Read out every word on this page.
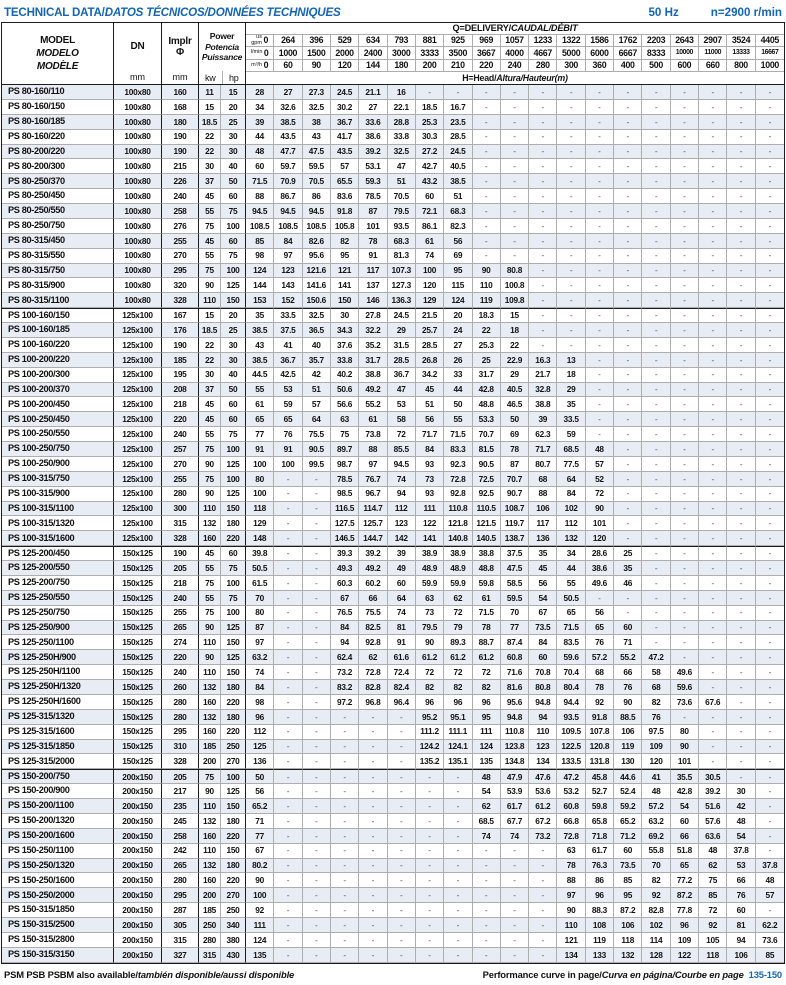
TECHNICAL DATA/DATOS TÉCNICOS/DONNÉES TECHNIQUES	50 Hz	n=2900 r/min
MODEL
MODELO
MODÈLE
DN
mm
Implr
Φ
mm
Power
Potencia
Puissance
kw	hp
Q=DELIVERY/ CAUDAL/DÉBIT
us
gpm 0 264 396 529 634 793 881 925 969 1057 1233 1322 1586 1762 2203 2643 2907 3524 4405
l/min 0 1000 1500 2000 2400 3000 3333 3500 3667 4000 4667 5000 6000 6667 8333 10000 11000 13333 16667
m³/h 0 60 90 120 144 180 200 210 220 240 280 300 360 400 500 600 660 800 1000
H=Head/ Altura/Hauteur(m)
PS 80-160/110	100x80	160	11	15	28	27	27.3	24.5	21.1	16	-	-	-	-	-	-	-	-	-	-	-	-	-
PS 80-160/150	100x80	168	15	20	34	32.6	32.5	30.2	27	22.1	18.5	16.7	-	-	-	-	-	-	-	-	-	-	-
PS 80-160/185	100x80	180	18.5	25	39	38.5	38	36.7	33.6	28.8	25.3	23.5	-	-	-	-	-	-	-	-	-	-	-
PS 80-160/220	100x80	190	22	30	44	43.5	43	41.7	38.6	33.8	30.3	28.5	-	-	-	-	-	-	-	-	-	-	-
PS 80-200/220	100x80	190	22	30	48	47.7	47.5	43.5	39.2	32.5	27.2	24.5	-	-	-	-	-	-	-	-	-	-	-
PS 80-200/300	100x80	215	30	40	60	59.7	59.5	57	53.1	47	42.7	40.5	-	-	-	-	-	-	-	-	-	-	-
PS 80-250/370	100x80	226	37	50	71.5	70.9	70.5	65.5	59.3	51	43.2	38.5	-	-	-	-	-	-	-	-	-	-	-
PS 80-250/450	100x80	240	45	60	88	86.7	86	83.6	78.5	70.5	60	51	-	-	-	-	-	-	-	-	-	-	-
PS 80-250/550	100x80	258	55	75	94.5	94.5	94.5	91.8	87	79.5	72.1	68.3	-	-	-	-	-	-	-	-	-	-	-
PS 80-250/750	100x80	276	75	100	108.5	108.5	108.5	105.8	101	93.5	86.1	82.3	-	-	-	-	-	-	-	-	-	-	-
PS 80-315/450	100x80	255	45	60	85	84	82.6	82	78	68.3	61	56	-	-	-	-	-	-	-	-	-	-	-
PS 80-315/550	100x80	270	55	75	98	97	95.6	95	91	81.3	74	69	-	-	-	-	-	-	-	-	-	-	-
PS 80-315/750	100x80	295	75	100	124	123	121.6	121	117	107.3	100	95	90	80.8	-	-	-	-	-	-	-	-	-
PS 80-315/900	100x80	320	90	125	144	143	141.6	141	137	127.3	120	115	110	100.8	-	-	-	-	-	-	-	-	-
PS 80-315/1100	100x80	328	110	150	153	152	150.6	150	146	136.3	129	124	119	109.8	-	-	-	-	-	-	-	-	-
PS 100-160/150	125x100	167	15	20	35	33.5	32.5	30	27.8	24.5	21.5	20	18.3	15	-	-	-	-	-	-	-	-	-
PS 100-160/185	125x100	176	18.5	25	38.5	37.5	36.5	34.3	32.2	29	25.7	24	22	18	-	-	-	-	-	-	-	-	-
PS 100-160/220	125x100	190	22	30	43	41	40	37.6	35.2	31.5	28.5	27	25.3	22	-	-	-	-	-	-	-	-	-
PS 100-200/220	125x100	185	22	30	38.5	36.7	35.7	33.8	31.7	28.5	26.8	26	25	22.9	16.3	13	-	-	-	-	-	-	-
PS 100-200/300	125x100	195	30	40	44.5	42.5	42	40.2	38.8	36.7	34.2	33	31.7	29	21.7	18	-	-	-	-	-	-	-
PS 100-200/370	125x100	208	37	50	55	53	51	50.6	49.2	47	45	44	42.8	40.5	32.8	29	-	-	-	-	-	-	-
PS 100-200/450	125x100	218	45	60	61	59	57	56.6	55.2	53	51	50	48.8	46.5	38.8	35	-	-	-	-	-	-	-
PS 100-250/450	125x100	220	45	60	65	65	64	63	61	58	56	55	53.3	50	39	33.5	-	-	-	-	-	-	-
PS 100-250/550	125x100	240	55	75	77	76	75.5	75	73.8	72	71.7	71.5	70.7	69	62.3	59	-	-	-	-	-	-	-
PS 100-250/750	125x100	257	75	100	91	91	90.5	89.7	88	85.5	84	83.3	81.5	78	71.7	68.5	48	-	-	-	-	-	-
PS 100-250/900	125x100	270	90	125	100	100	99.5	98.7	97	94.5	93	92.3	90.5	87	80.7	77.5	57	-	-	-	-	-	-
PS 100-315/750	125x100	255	75	100	80	-	-	78.5	76.7	74	73	72.8	72.5	70.7	68	64	52	-	-	-	-	-	-
PS 100-315/900	125x100	280	90	125	100	-	-	98.5	96.7	94	93	92.8	92.5	90.7	88	84	72	-	-	-	-	-	-
PS 100-315/1100	125x100	300	110	150	118	-	-	116.5	114.7	112	111	110.8	110.5	108.7	106	102	90	-	-	-	-	-	-
PS 100-315/1320	125x100	315	132	180	129	-	-	127.5	125.7	123	122	121.8	121.5	119.7	117	112	101	-	-	-	-	-	-
PS 100-315/1600	125x100	328	160	220	148	-	-	146.5	144.7	142	141	140.8	140.5	138.7	136	132	120	-	-	-	-	-	-
PS 125-200/450	150x125	190	45	60	39.8	-	-	39.3	39.2	39	38.9	38.9	38.8	37.5	35	34	28.6	25	-	-	-	-	-
PS 125-200/550	150x125	205	55	75	50.5	-	-	49.3	49.2	49	48.9	48.9	48.8	47.5	45	44	38.6	35	-	-	-	-	-
PS 125-200/750	150x125	218	75	100	61.5	-	-	60.3	60.2	60	59.9	59.9	59.8	58.5	56	55	49.6	46	-	-	-	-	-
PS 125-250/550	150x125	240	55	75	70	-	-	67	66	64	63	62	61	59.5	54	50.5	-	-	-	-	-	-	-
PS 125-250/750	150x125	255	75	100	80	-	-	76.5	75.5	74	73	72	71.5	70	67	65	56	-	-	-	-	-	-
PS 125-250/900	150x125	265	90	125	87	-	-	84	82.5	81	79.5	79	78	77	73.5	71.5	65	60	-	-	-	-	-
PS 125-250/1100	150x125	274	110	150	97	-	-	94	92.8	91	90	89.3	88.7	87.4	84	83.5	76	71	-	-	-	-	-
PS 125-250H/900	150x125	220	90	125	63.2	-	-	62.4	62	61.6	61.2	61.2	61.2	60.8	60	59.6	57.2	55.2	47.2	-	-	-	-
PS 125-250H/1100	150x125	240	110	150	74	-	-	73.2	72.8	72.4	72	72	72	71.6	70.8	70.4	68	66	58	49.6	-	-	-
PS 125-250H/1320	150x125	260	132	180	84	-	-	83.2	82.8	82.4	82	82	82	81.6	80.8	80.4	78	76	68	59.6	-	-	-
PS 125-250H/1600	150x125	280	160	220	98	-	-	97.2	96.8	96.4	96	96	96	95.6	94.8	94.4	92	90	82	73.6	67.6	-	-
PS 125-315/1320	150x125	280	132	180	96	-	-	-	-	-	95.2	95.1	95	94.8	94	93.5	91.8	88.5	76	-	-	-	-
PS 125-315/1600	150x125	295	160	220	112	-	-	-	-	-	111.2	111.1	111	110.8	110	109.5	107.8	106	97.5	80	-	-	-
PS 125-315/1850	150x125	310	185	250	125	-	-	-	-	-	124.2	124.1	124	123.8	123	122.5	120.8	119	109	90	-	-	-
PS 125-315/2000	150x125	328	200	270	136	-	-	-	-	-	135.2	135.1	135	134.8	134	133.5	131.8	130	120	101	-	-	-
PS 150-200/750	200x150	205	75	100	50	-	-	-	-	-	-	-	48	47.9	47.6	47.2	45.8	44.6	41	35.5	30.5	-	-
PS 150-200/900	200x150	217	90	125	56	-	-	-	-	-	-	-	54	53.9	53.6	53.2	52.7	52.4	48	42.8	39.2	30	-
PS 150-200/1100	200x150	235	110	150	65.2	-	-	-	-	-	-	-	62	61.7	61.2	60.8	59.8	59.2	57.2	54	51.6	42	-
PS 150-200/1320	200x150	245	132	180	71	-	-	-	-	-	-	-	68.5	67.7	67.2	66.8	65.8	65.2	63.2	60	57.6	48	-
PS 150-200/1600	200x150	258	160	220	77	-	-	-	-	-	-	-	74	74	73.2	72.8	71.8	71.2	69.2	66	63.6	54	-
PS 150-250/1100	200x150	242	110	150	67	-	-	-	-	-	-	-	-	-	-	63	61.7	60	55.8	51.8	48	37.8	-
PS 150-250/1320	200x150	265	132	180	80.2	-	-	-	-	-	-	-	-	-	-	78	76.3	73.5	70	65	62	53	37.8
PS 150-250/1600	200x150	280	160	220	90	-	-	-	-	-	-	-	-	-	-	88	86	85	82	77.2	75	66	48
PS 150-250/2000	200x150	295	200	270	100	-	-	-	-	-	-	-	-	-	-	97	96	95	92	87.2	85	76	57
PS 150-315/1850	200x150	287	185	250	92	-	-	-	-	-	-	-	-	-	-	90	88.3	87.2	82.8	77.8	72	60	-
PS 150-315/2500	200x150	305	250	340	111	-	-	-	-	-	-	-	-	-	-	110	108	106	102	96	92	81	62.2
PS 150-315/2800	200x150	315	280	380	124	-	-	-	-	-	-	-	-	-	-	121	119	118	114	109	105	94	73.6
PS 150-315/3150	200x150	327	315	430	135	-	-	-	-	-	-	-	-	-	-	134	133	132	128	122	118	106	85
PSM PSB PSBM also available/también disponible/aussi disponible	Performance curve in page/Curva en página/Courbe en page 135-150
